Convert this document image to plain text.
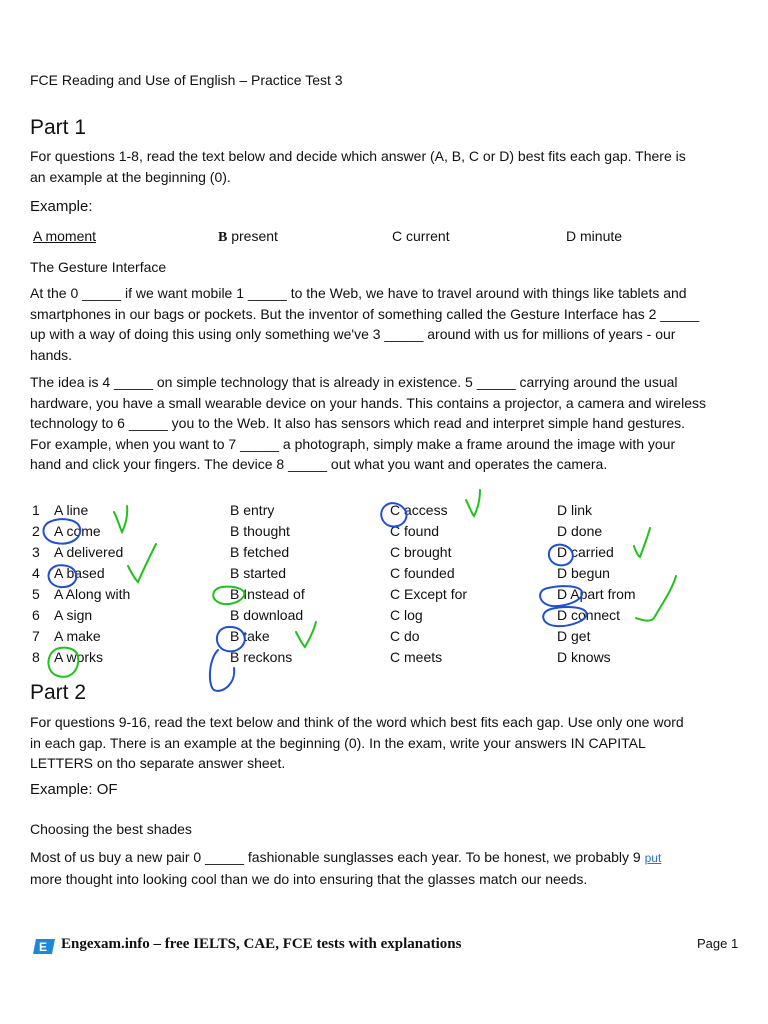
FCE Reading and Use of English – Practice Test 3
Part 1
For questions 1-8, read the text below and decide which answer (A, B, C or D) best fits each gap. There is
an example at the beginning (0).
Example:
A moment	B present	C current	D minute
The Gesture Interface
At the 0 _____ if we want mobile 1 _____ to the Web, we have to travel around with things like tablets and
smartphones in our bags or pockets. But the inventor of something called the Gesture Interface has 2 _____
up with a way of doing this using only something we've 3 _____ around with us for millions of years - our
hands.
The idea is 4 _____ on simple technology that is already in existence. 5 _____ carrying around the usual
hardware, you have a small wearable device on your hands. This contains a projector, a camera and wireless
technology to 6 _____ you to the Web. It also has sensors which read and interpret simple hand gestures.
For example, when you want to 7 _____ a photograph, simply make a frame around the image with your
hand and click your fingers. The device 8 _____ out what you want and operates the camera.
1 A line	B entry	C access	D link
2 A come	B thought	C found	D done
3 A delivered	B fetched	C brought	D carried
4 A based	B started	C founded	D begun
5 A Along with	B Instead of	C Except for	D Apart from
6 A sign	B download	C log	D connect
7 A make	B take	C do	D get
8 A works	B reckons	C meets	D knows
Part 2
For questions 9-16, read the text below and think of the word which best fits each gap. Use only one word
in each gap. There is an example at the beginning (0). In the exam, write your answers IN CAPITAL
LETTERS on tho separate answer sheet.
Example: OF
Choosing the best shades
Most of us buy a new pair 0 _____ fashionable sunglasses each year. To be honest, we probably 9 put
more thought into looking cool than we do into ensuring that the glasses match our needs.
E Engexam.info – free IELTS, CAE, FCE tests with explanations	Page 1
